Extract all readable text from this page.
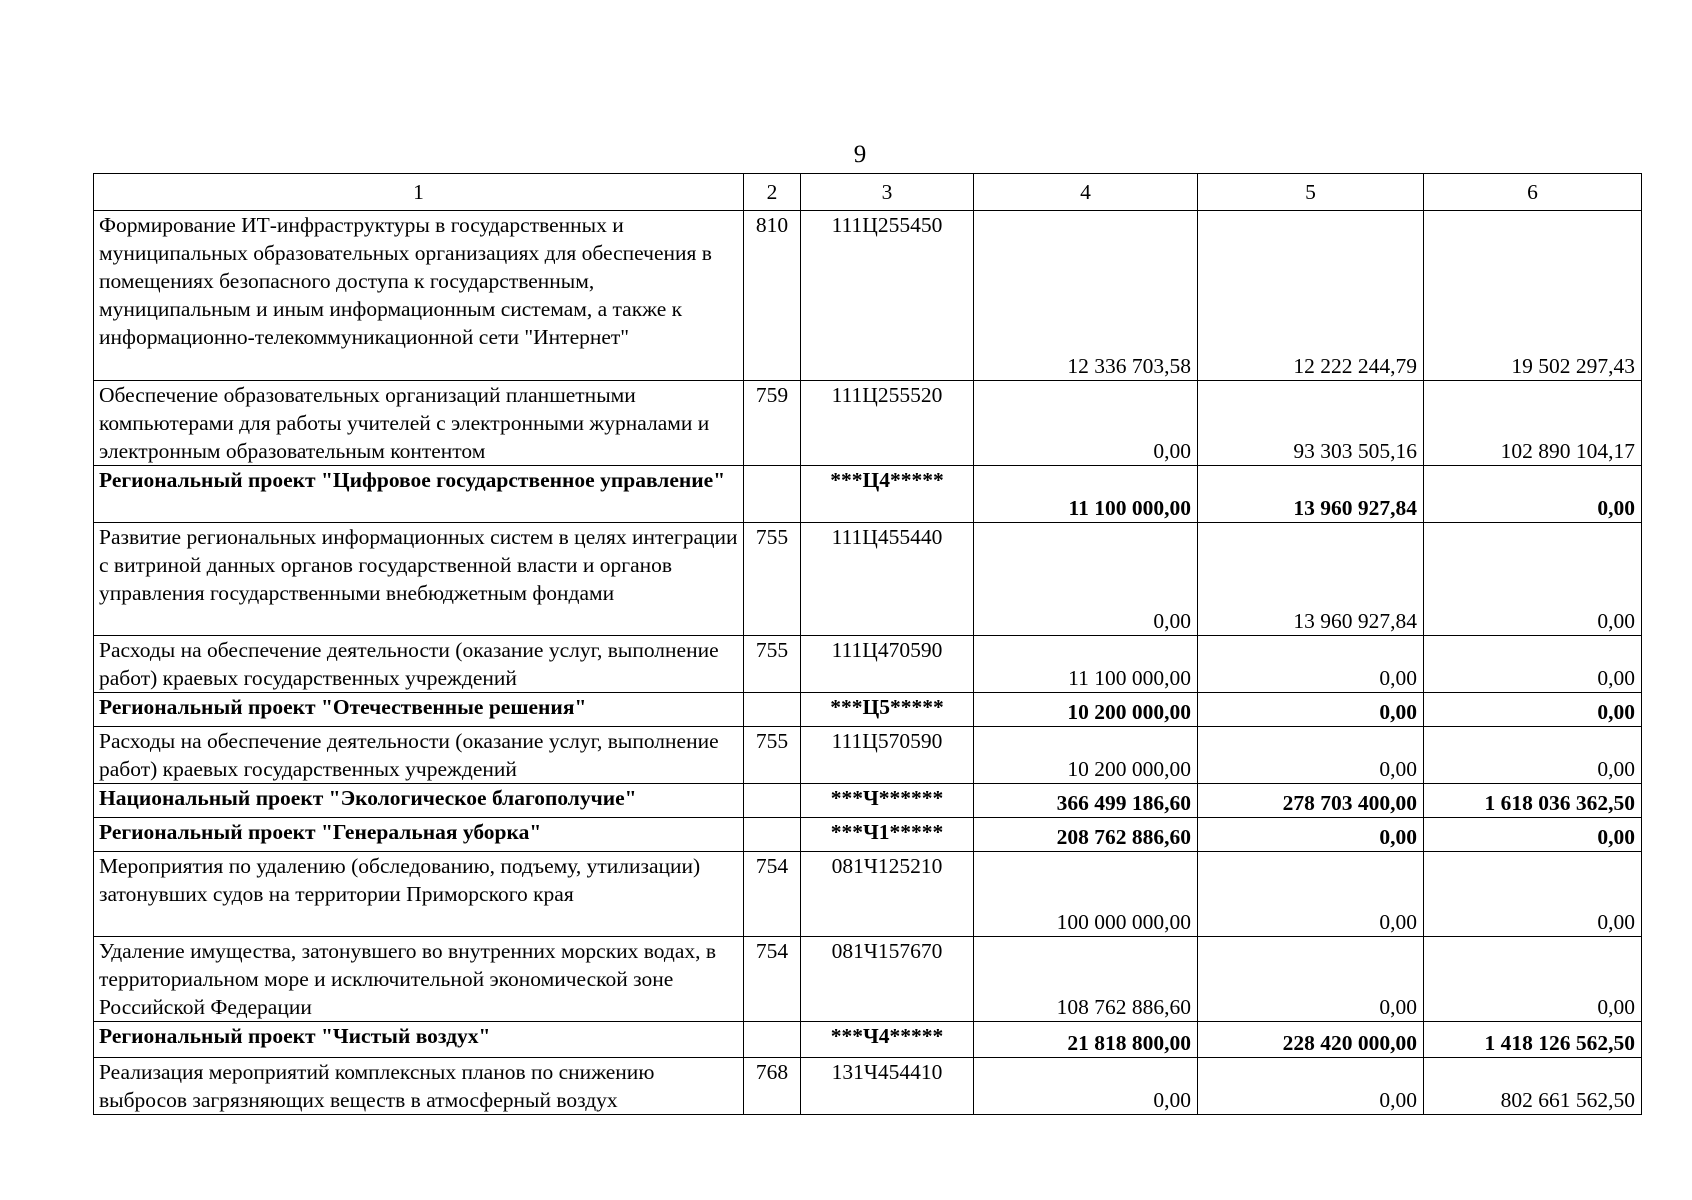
9
1	2	3	4	5	6
Формирование ИТ-инфраструктуры в государственных и муниципальных образовательных организациях для обеспечения в помещениях безопасного доступа к государственным, муниципальным и иным информационным системам, а также к информационно-телекоммуникационной сети "Интернет"	810	111Ц255450	12 336 703,58	12 222 244,79	19 502 297,43
Обеспечение образовательных организаций планшетными компьютерами для работы учителей с электронными журналами и электронным образовательным контентом	759	111Ц255520	0,00	93 303 505,16	102 890 104,17
Региональный проект "Цифровое государственное управление"		***Ц4*****	11 100 000,00	13 960 927,84	0,00
Развитие региональных информационных систем в целях интеграции с витриной данных органов государственной власти и органов управления государственными внебюджетным фондами	755	111Ц455440	0,00	13 960 927,84	0,00
Расходы на обеспечение деятельности (оказание услуг, выполнение работ) краевых государственных учреждений	755	111Ц470590	11 100 000,00	0,00	0,00
Региональный проект "Отечественные решения"		***Ц5*****	10 200 000,00	0,00	0,00
Расходы на обеспечение деятельности (оказание услуг, выполнение работ) краевых государственных учреждений	755	111Ц570590	10 200 000,00	0,00	0,00
Национальный проект "Экологическое благополучие"		***Ч******	366 499 186,60	278 703 400,00	1 618 036 362,50
Региональный проект "Генеральная уборка"		***Ч1*****	208 762 886,60	0,00	0,00
Мероприятия по удалению (обследованию, подъему, утилизации) затонувших судов на территории Приморского края	754	081Ч125210	100 000 000,00	0,00	0,00
Удаление имущества, затонувшего во внутренних морских водах, в территориальном море и исключительной экономической зоне Российской Федерации	754	081Ч157670	108 762 886,60	0,00	0,00
Региональный проект "Чистый воздух"		***Ч4*****	21 818 800,00	228 420 000,00	1 418 126 562,50
Реализация мероприятий комплексных планов по снижению выбросов загрязняющих веществ в атмосферный воздух	768	131Ч454410	0,00	0,00	802 661 562,50
